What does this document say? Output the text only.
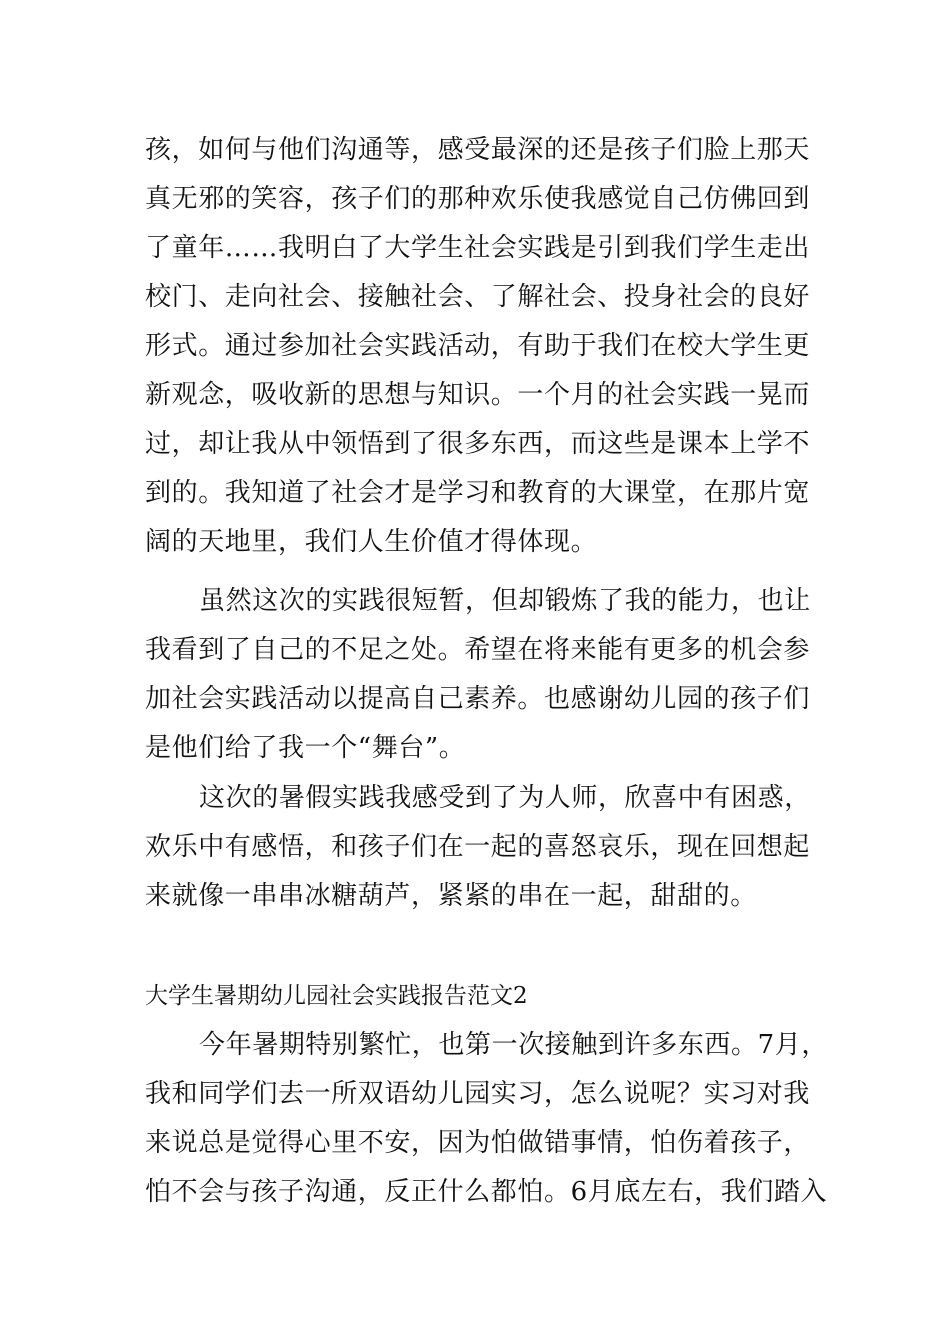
孩，如何与他们沟通等，感受最深的还是孩子们脸上那天
真无邪的笑容，孩子们的那种欢乐使我感觉自己仿佛回到
了童年……我明白了大学生社会实践是引到我们学生走出
校门、走向社会、接触社会、了解社会、投身社会的良好
形式。通过参加社会实践活动，有助于我们在校大学生更
新观念，吸收新的思想与知识。一个月的社会实践一晃而
过，却让我从中领悟到了很多东西，而这些是课本上学不
到的。我知道了社会才是学习和教育的大课堂，在那片宽
阔的天地里，我们人生价值才得体现。
虽然这次的实践很短暂，但却锻炼了我的能力，也让
我看到了自己的不足之处。希望在将来能有更多的机会参
加社会实践活动以提高自己素养。也感谢幼儿园的孩子们
是他们给了我一个“舞台”。
这次的暑假实践我感受到了为人师，欣喜中有困惑，
欢乐中有感悟，和孩子们在一起的喜怒哀乐，现在回想起
来就像一串串冰糖葫芦，紧紧的串在一起，甜甜的。
大学生暑期幼儿园社会实践报告范文2
今年暑期特别繁忙，也第一次接触到许多东西。7月，
我和同学们去一所双语幼儿园实习，怎么说呢？实习对我
来说总是觉得心里不安，因为怕做错事情，怕伤着孩子，
怕不会与孩子沟通，反正什么都怕。6月底左右，我们踏入
